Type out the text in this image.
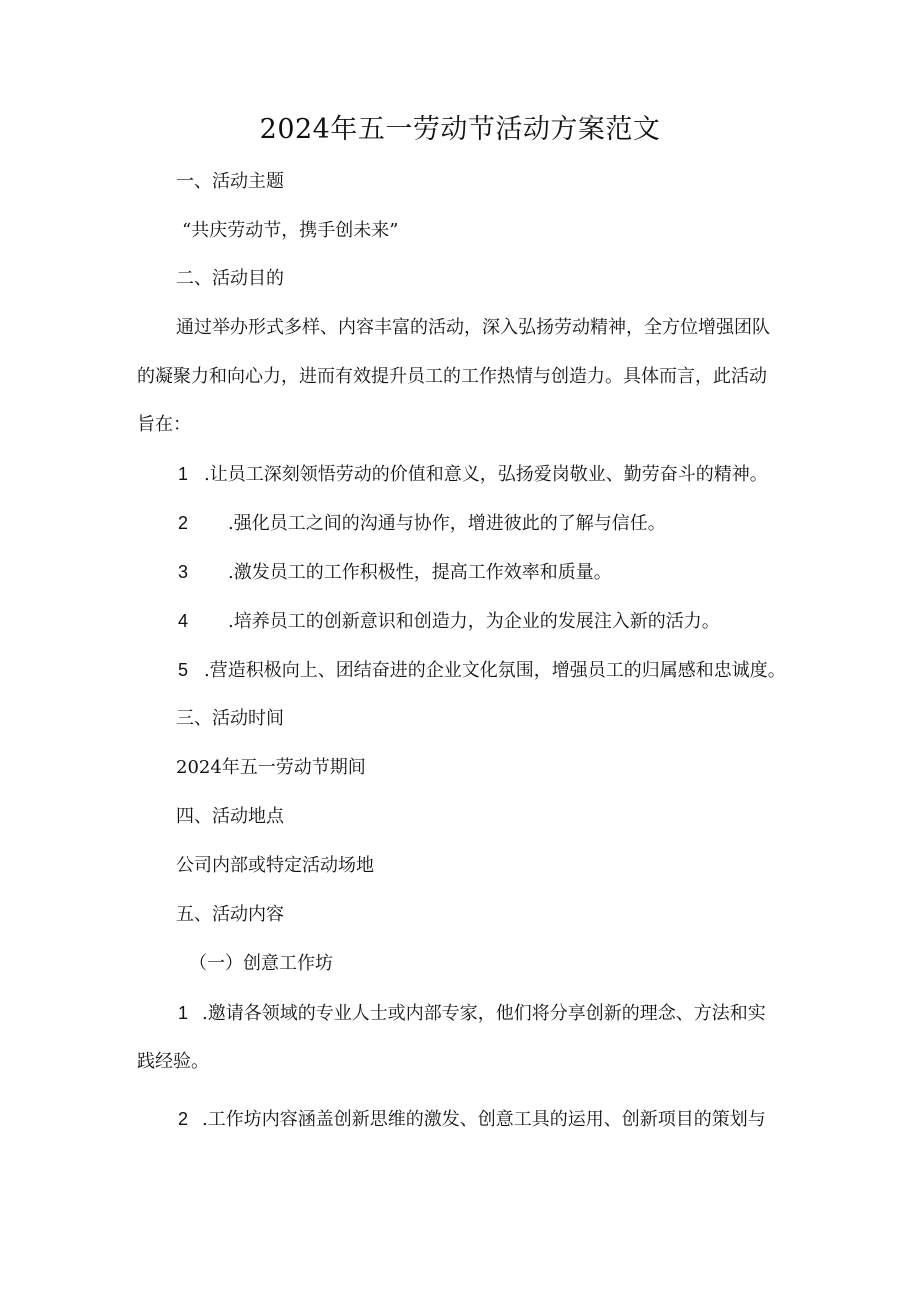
2024年五一劳动节活动方案范文
一、活动主题
“共庆劳动节，携手创未来”
二、活动目的
通过举办形式多样、内容丰富的活动，深入弘扬劳动精神，全方位增强团队
的凝聚力和向心力，进而有效提升员工的工作热情与创造力。具体而言，此活动
旨在：
1 .让员工深刻领悟劳动的价值和意义，弘扬爱岗敬业、勤劳奋斗的精神。
2 .强化员工之间的沟通与协作，增进彼此的了解与信任。
3 .激发员工的工作积极性，提高工作效率和质量。
4 .培养员工的创新意识和创造力，为企业的发展注入新的活力。
5 .营造积极向上、团结奋进的企业文化氛围，增强员工的归属感和忠诚度。
三、活动时间
2024年五一劳动节期间
四、活动地点
公司内部或特定活动场地
五、活动内容
（一）创意工作坊
1 .邀请各领域的专业人士或内部专家，他们将分享创新的理念、方法和实
践经验。
2 .工作坊内容涵盖创新思维的激发、创意工具的运用、创新项目的策划与
